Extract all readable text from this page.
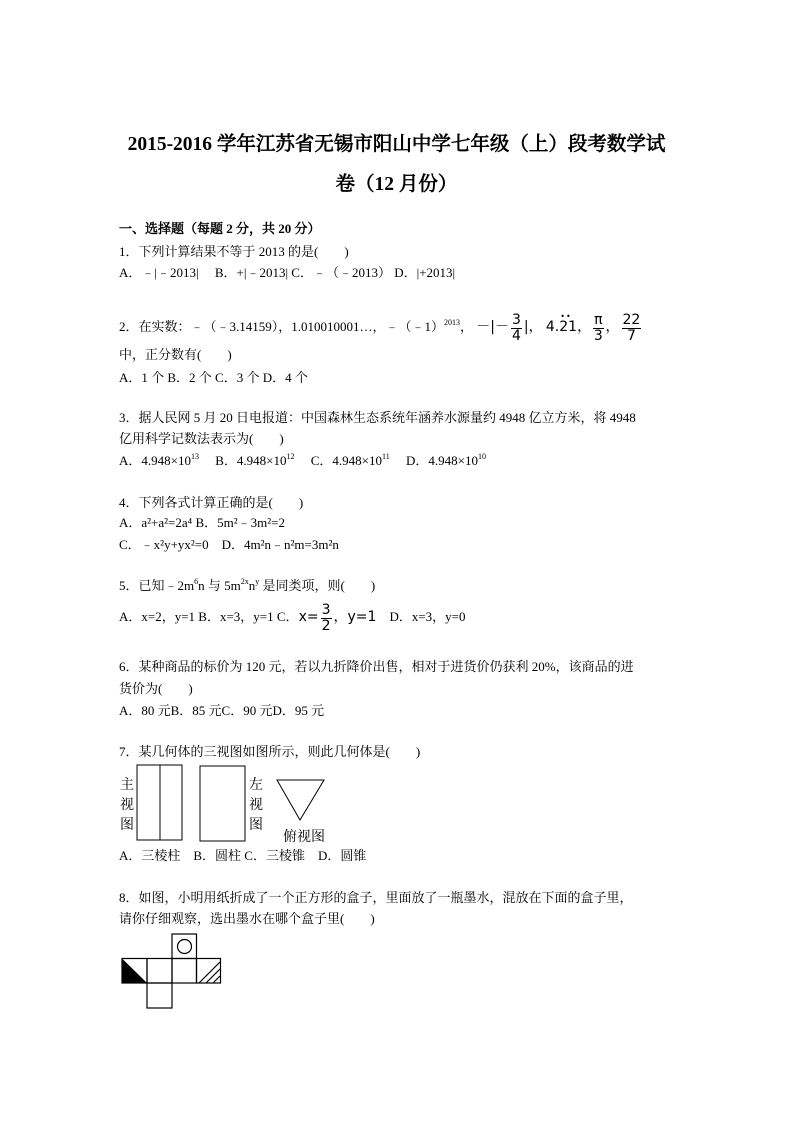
2015-2016 学年江苏省无锡市阳山中学七年级（上）段考数学试
卷（12 月份）
一、选择题（每题 2 分，共 20 分）
1．下列计算结果不等于 2013 的是(　　)
A．﹣|﹣2013|　 B．+|﹣2013| C．﹣（﹣2013） D．|+2013|
2．在实数：﹣（﹣3.14159），1.010010001…，﹣（﹣1）$^{2013}$， －|－ $\frac{3}{4}$ |， 4.•• 21， $\frac{\pi}{3}$ ， $\frac{22}{7}$
中，正分数有(　　)
A．1 个 B．2 个 C．3 个 D．4 个
3．据人民网 5 月 20 日电报道：中国森林生态系统年涵养水源量约 4948 亿立方米，将 4948
亿用科学记数法表示为(　　)
A．$4.948\times 10^{13}$　 B．$4.948\times 10^{12}$　 C．$4.948\times 10^{11}$　 D．$4.948\times 10^{10}$
4．下列各式计算正确的是(　　)
A．a²+a²=2a⁴ B．5m²﹣3m²=2
C．﹣x²y+yx²=0　D．4m²n﹣n²m=3m²n
5．已知$﹣2m^6n$ 与 $5m^{2x}n^y$ 是同类项，则(　　)
A．x=2，y=1 B．x=3，y=1 C．$x= \frac{3}{2}$ ，y=1　D．x=3，y=0
6．某种商品的标价为 120 元，若以九折降价出售，相对于进货价仍获利 20%，该商品的进
货价为(　　)
A．80 元B．85 元C．90 元D．95 元
7．某几何体的三视图如图所示，则此几何体是(　　)
主视图
左视图
俯视图
A．三棱柱　B．圆柱 C．三棱锥　D．圆锥
8．如图，小明用纸折成了一个正方形的盒子，里面放了一瓶墨水，混放在下面的盒子里，
请你仔细观察，选出墨水在哪个盒子里(　　)
